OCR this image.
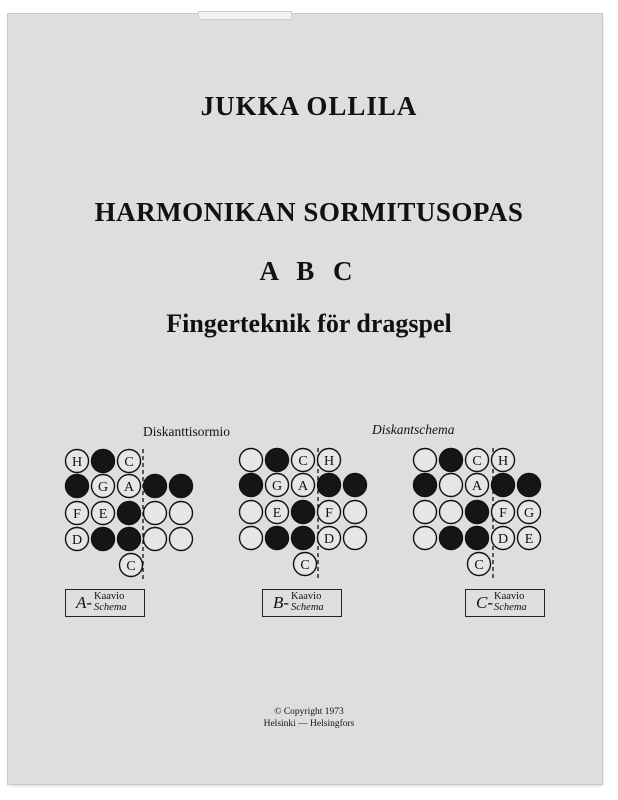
JUKKA OLLILA
HARMONIKAN SORMITUSOPAS
A B C
Fingerteknik för dragspel
Diskanttisormio	Diskantschema
H	C
G A
F E
D
C
C H
G A
E	F
D
C
C H
A
F G
D E
C
A- Kaavio
Schema	B- Kaavio
Schema	C- Kaavio
Schema
© Copyright 1973
Helsinki — Helsingfors
